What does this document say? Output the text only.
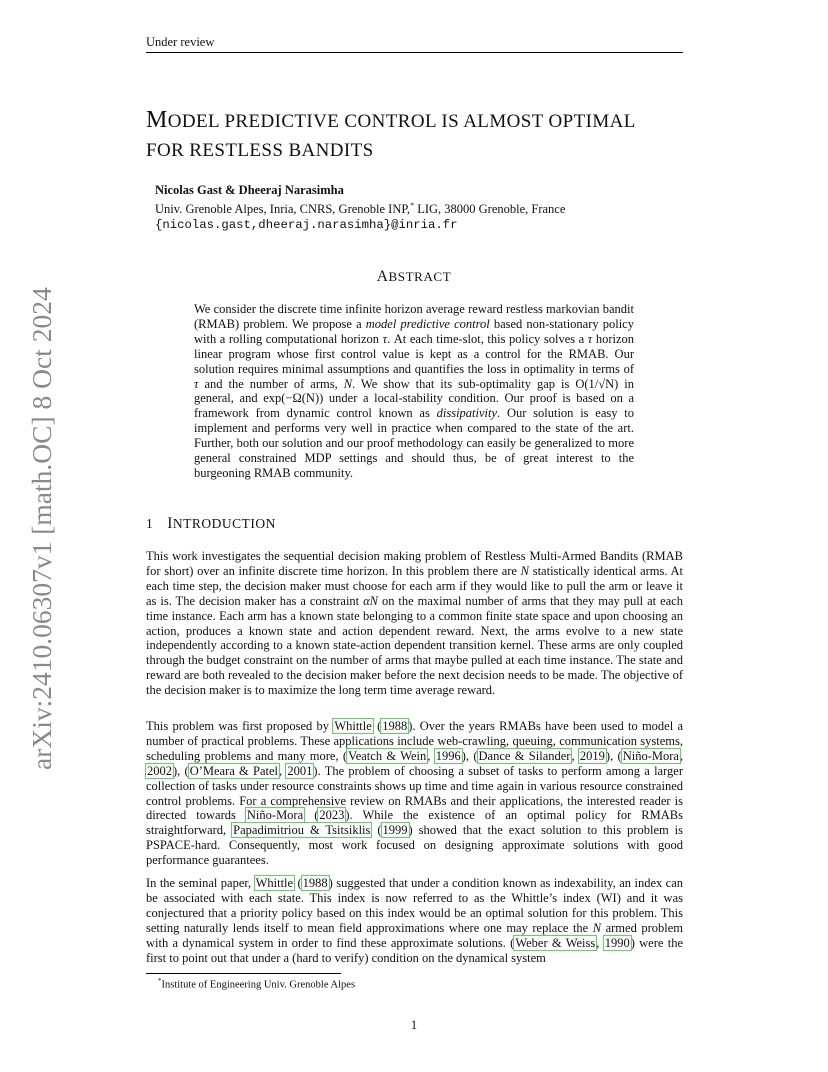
Under review
arXiv:2410.06307v1 [math.OC] 8 Oct 2024
MODEL PREDICTIVE CONTROL IS ALMOST OPTIMAL
FOR RESTLESS BANDITS
Nicolas Gast & Dheeraj Narasimha
Univ. Grenoble Alpes, Inria, CNRS, Grenoble INP,* LIG, 38000 Grenoble, France
{nicolas.gast,dheeraj.narasimha}@inria.fr
ABSTRACT
We consider the discrete time infinite horizon average reward restless markovian bandit (RMAB) problem. We propose a model predictive control based non-stationary policy with a rolling computational horizon τ. At each time-slot, this policy solves a τ horizon linear program whose first control value is kept as a control for the RMAB. Our solution requires minimal assumptions and quantifies the loss in optimality in terms of τ and the number of arms, N. We show that its sub-optimality gap is O(1/√N) in general, and exp(−Ω(N)) under a local-stability condition. Our proof is based on a framework from dynamic control known as dissipativity. Our solution is easy to implement and performs very well in practice when compared to the state of the art. Further, both our solution and our proof methodology can easily be generalized to more general constrained MDP settings and should thus, be of great interest to the burgeoning RMAB community.
1 INTRODUCTION
This work investigates the sequential decision making problem of Restless Multi-Armed Bandits (RMAB for short) over an infinite discrete time horizon. In this problem there are N statistically identical arms. At each time step, the decision maker must choose for each arm if they would like to pull the arm or leave it as is. The decision maker has a constraint αN on the maximal number of arms that they may pull at each time instance. Each arm has a known state belonging to a common finite state space and upon choosing an action, produces a known state and action dependent reward. Next, the arms evolve to a new state independently according to a known state-action dependent transition kernel. These arms are only coupled through the budget constraint on the number of arms that maybe pulled at each time instance. The state and reward are both revealed to the decision maker before the next decision needs to be made. The objective of the decision maker is to maximize the long term time average reward.
This problem was first proposed by Whittle (1988). Over the years RMABs have been used to model a number of practical problems. These applications include web-crawling, queuing, communication systems, scheduling problems and many more, (Veatch & Wein, 1996), (Dance & Silander, 2019), (Niño-Mora, 2002), (O’Meara & Patel, 2001). The problem of choosing a subset of tasks to perform among a larger collection of tasks under resource constraints shows up time and time again in various resource constrained control problems. For a comprehensive review on RMABs and their applications, the interested reader is directed towards Niño-Mora (2023). While the existence of an optimal policy for RMABs straightforward, Papadimitriou & Tsitsiklis (1999) showed that the exact solution to this problem is PSPACE-hard. Consequently, most work focused on designing approximate solutions with good performance guarantees.
In the seminal paper, Whittle (1988) suggested that under a condition known as indexability, an index can be associated with each state. This index is now referred to as the Whittle’s index (WI) and it was conjectured that a priority policy based on this index would be an optimal solution for this problem. This setting naturally lends itself to mean field approximations where one may replace the N armed problem with a dynamical system in order to find these approximate solutions. (Weber & Weiss, 1990) were the first to point out that under a (hard to verify) condition on the dynamical system
*Institute of Engineering Univ. Grenoble Alpes
1
